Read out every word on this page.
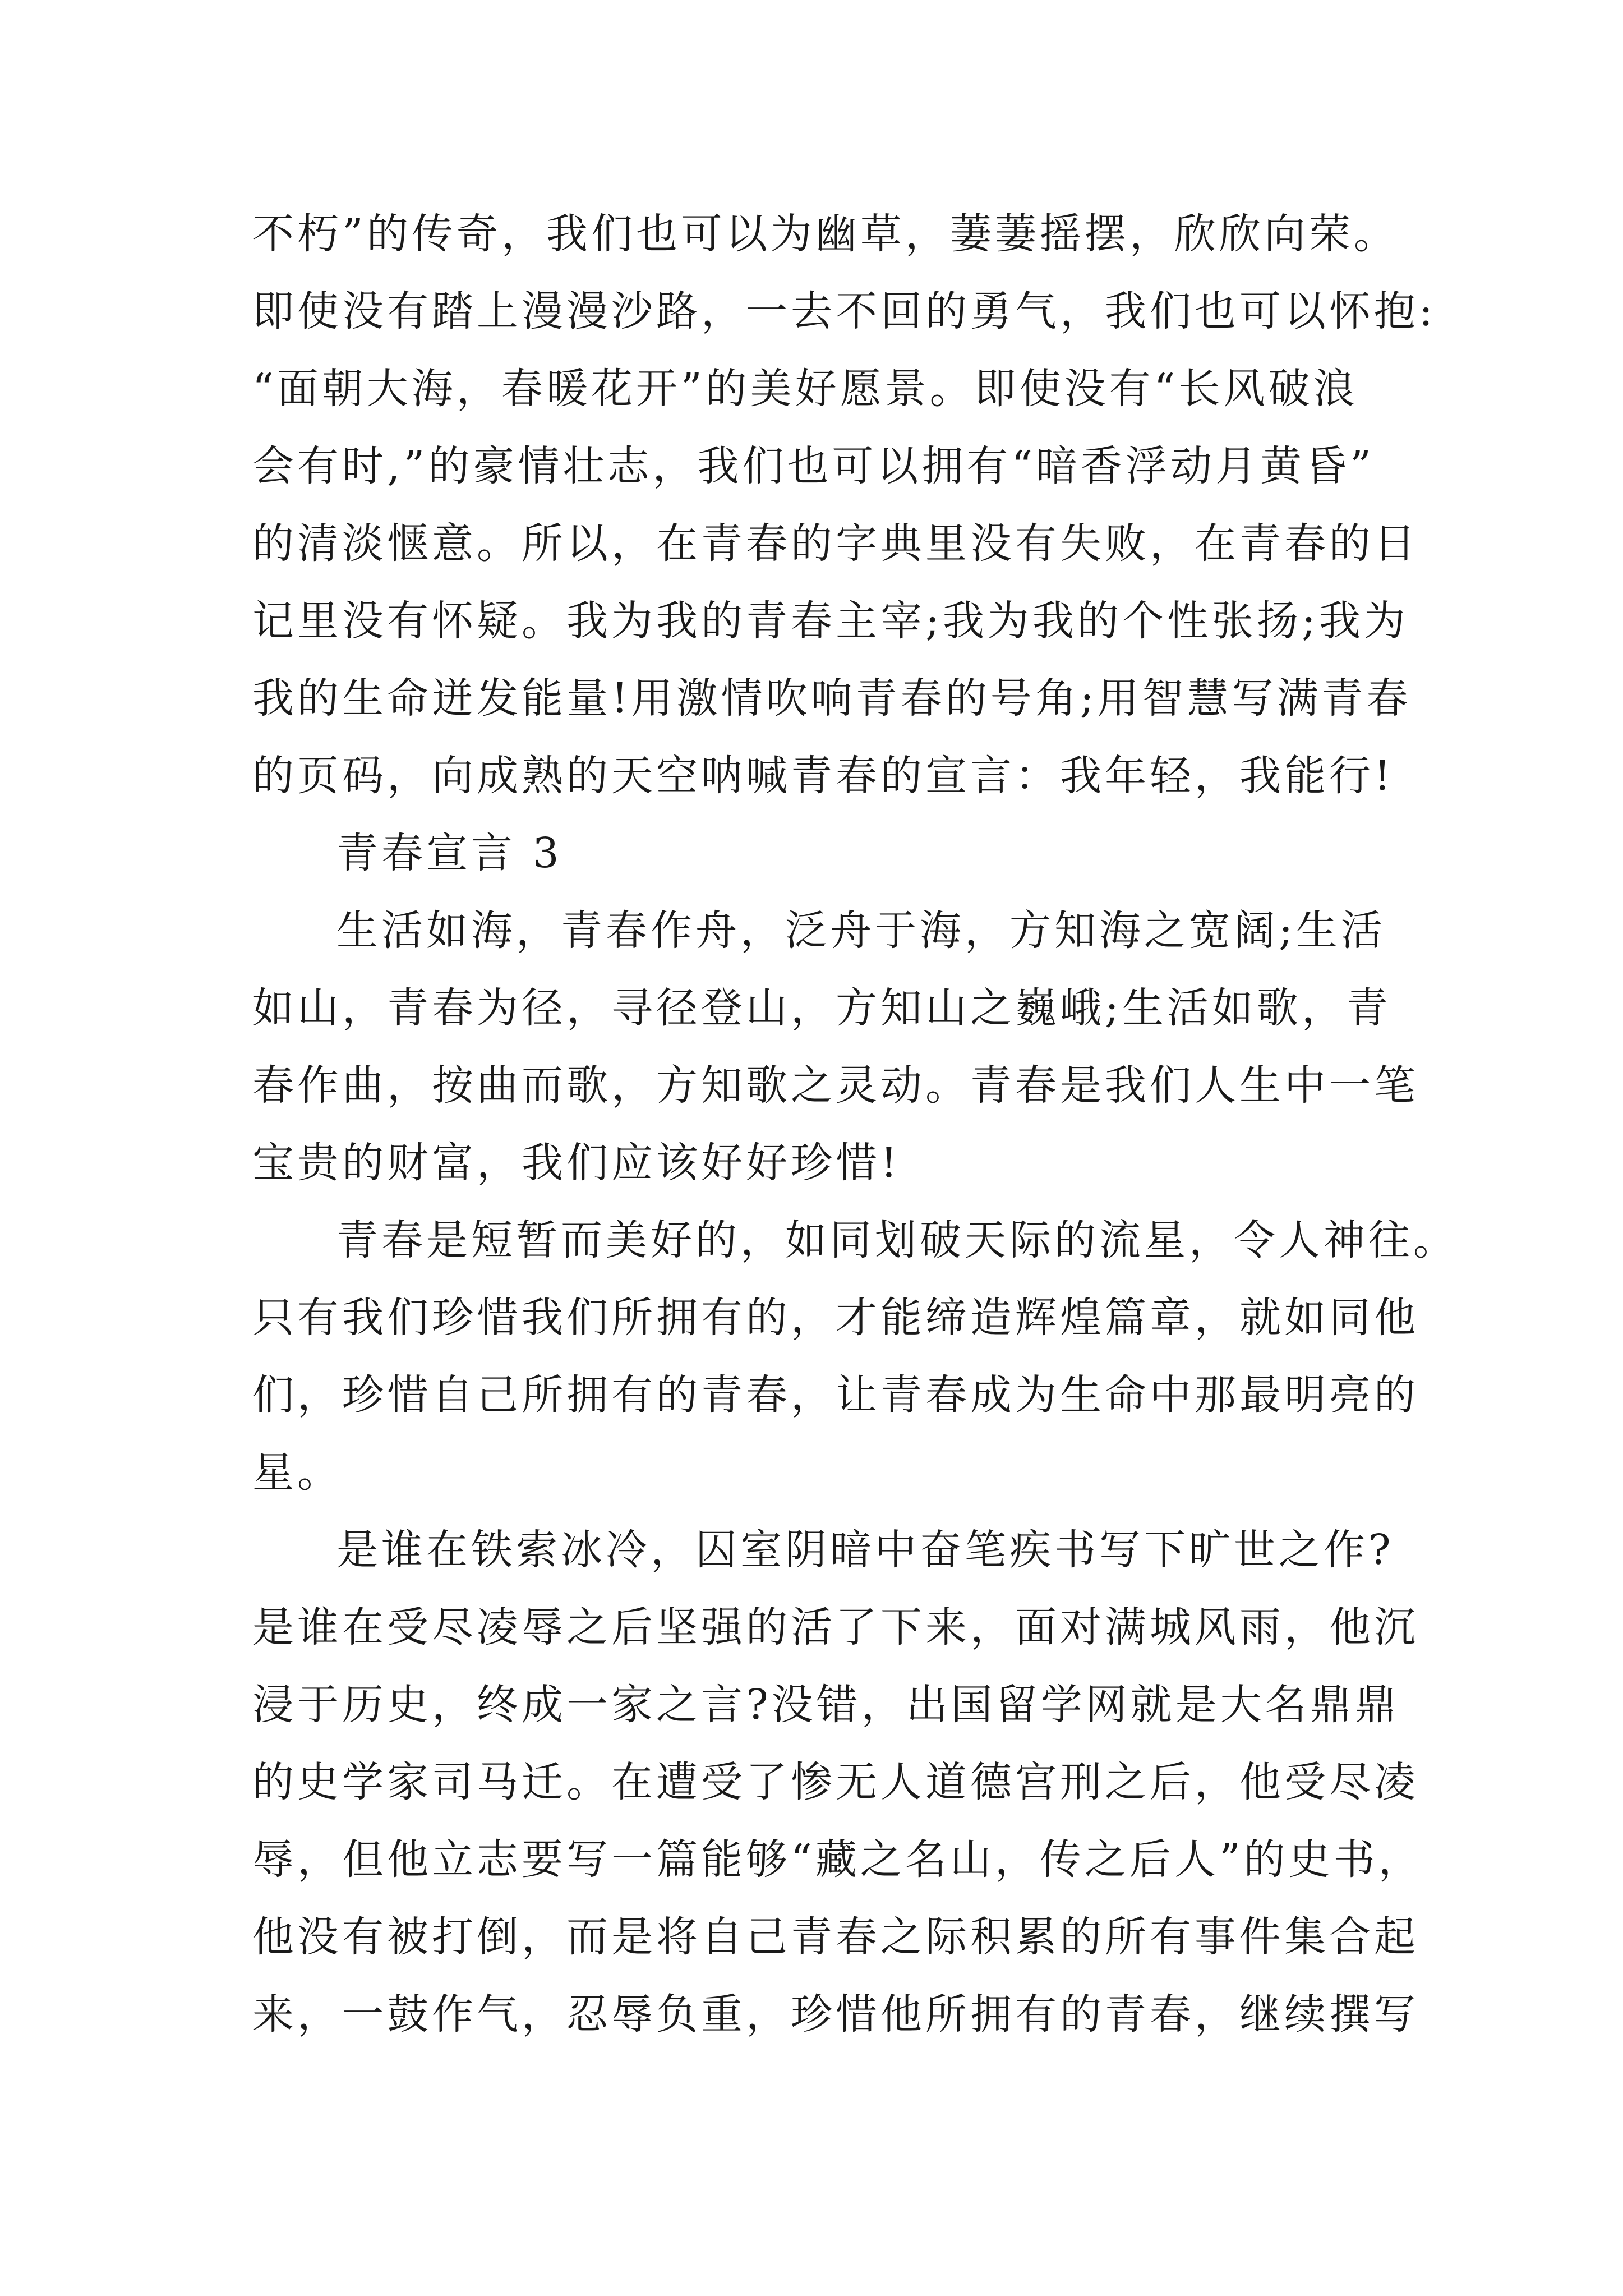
不朽”的传奇，我们也可以为幽草，萋萋摇摆，欣欣向荣。
即使没有踏上漫漫沙路，一去不回的勇气，我们也可以怀抱:
“面朝大海，春暖花开”的美好愿景。即使没有“长风破浪
会有时,”的豪情壮志，我们也可以拥有“暗香浮动月黄昏”
的清淡惬意。所以，在青春的字典里没有失败，在青春的日
记里没有怀疑。我为我的青春主宰;我为我的个性张扬;我为
我的生命迸发能量!用激情吹响青春的号角;用智慧写满青春
的页码，向成熟的天空呐喊青春的宣言：我年轻，我能行!
青春宣言 3
生活如海，青春作舟，泛舟于海，方知海之宽阔;生活
如山，青春为径，寻径登山，方知山之巍峨;生活如歌，青
春作曲，按曲而歌，方知歌之灵动。青春是我们人生中一笔
宝贵的财富，我们应该好好珍惜!
青春是短暂而美好的，如同划破天际的流星，令人神往。
只有我们珍惜我们所拥有的，才能缔造辉煌篇章，就如同他
们，珍惜自己所拥有的青春，让青春成为生命中那最明亮的
星。
是谁在铁索冰冷，囚室阴暗中奋笔疾书写下旷世之作?
是谁在受尽凌辱之后坚强的活了下来，面对满城风雨，他沉
浸于历史，终成一家之言?没错，出国留学网就是大名鼎鼎
的史学家司马迁。在遭受了惨无人道德宫刑之后，他受尽凌
辱，但他立志要写一篇能够“藏之名山，传之后人”的史书，
他没有被打倒，而是将自己青春之际积累的所有事件集合起
来，一鼓作气，忍辱负重，珍惜他所拥有的青春，继续撰写
